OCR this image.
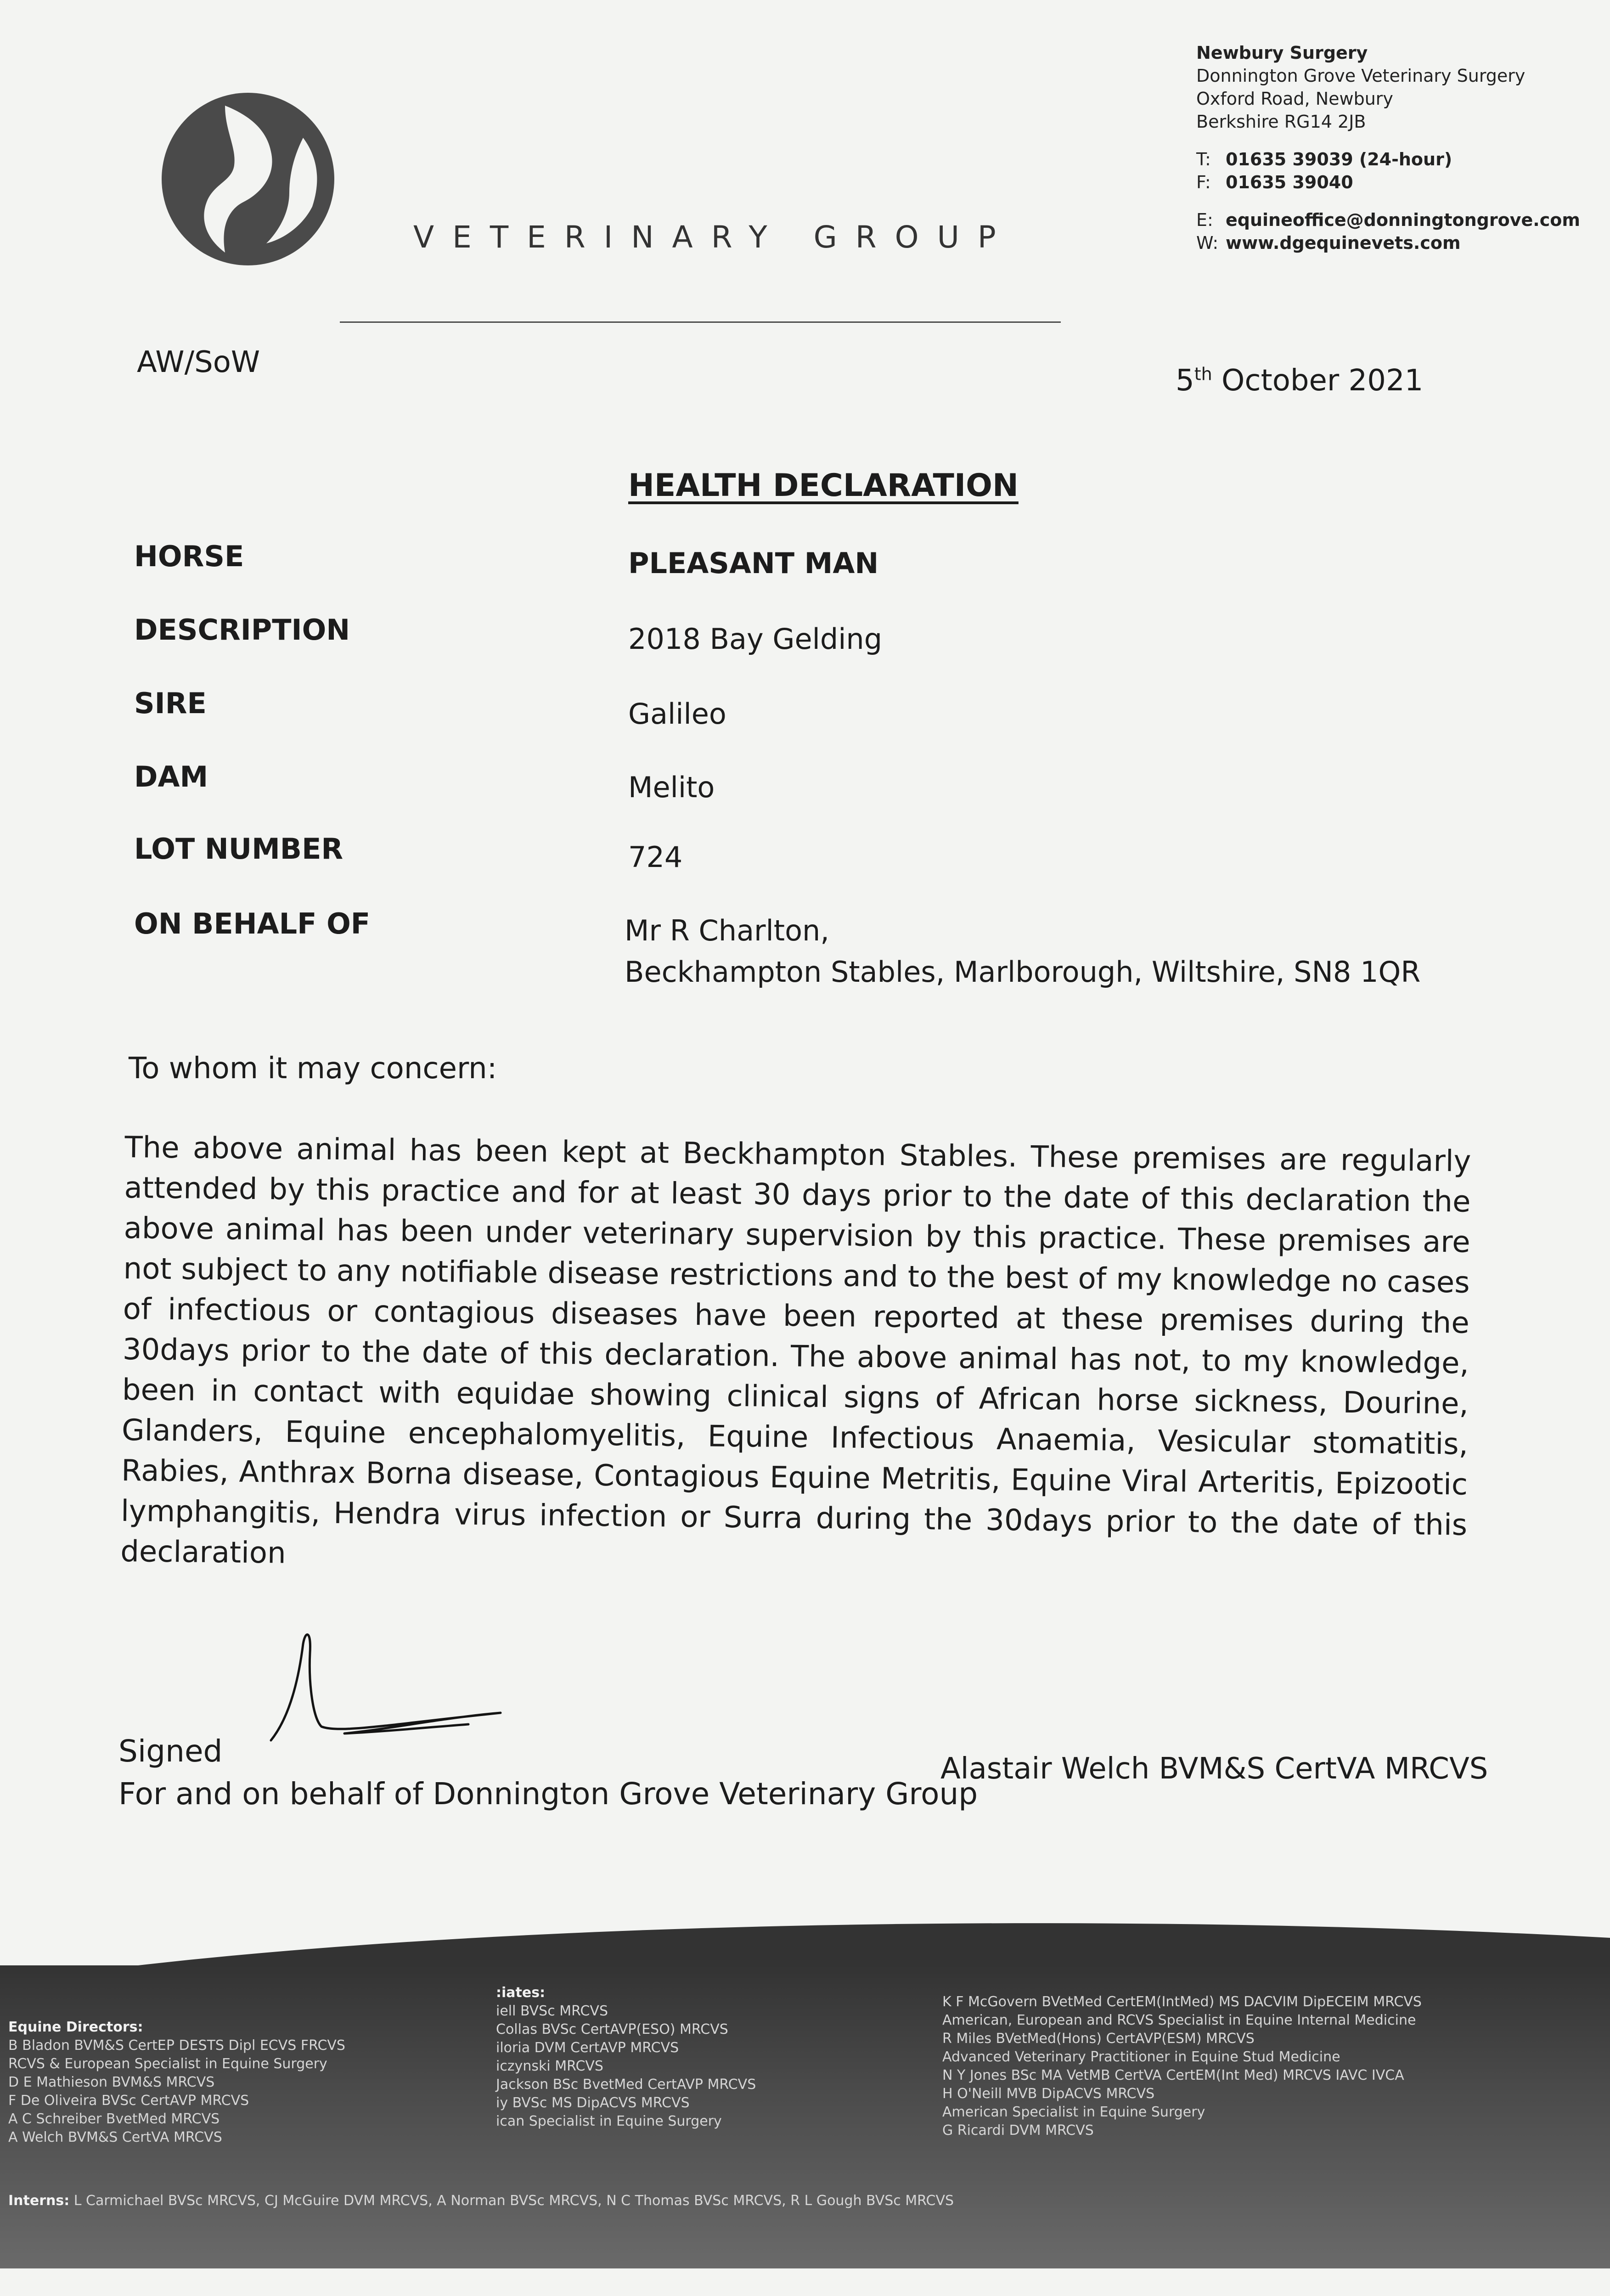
VETERINARY GROUP
Newbury Surgery
Donnington Grove Veterinary Surgery
Oxford Road, Newbury
Berkshire RG14 2JB
T: 01635 39039 (24-hour)
F: 01635 39040
E: equineoffice@donningtongrove.com
W: www.dgequinevets.com
AW/SoW
5th October 2021
HEALTH DECLARATION
HORSE	PLEASANT MAN
DESCRIPTION	2018 Bay Gelding
SIRE	Galileo
DAM	Melito
LOT NUMBER	724
ON BEHALF OF	Mr R Charlton,
Beckhampton Stables, Marlborough, Wiltshire, SN8 1QR
To whom it may concern:
The above animal has been kept at Beckhampton Stables. These premises are regularly attended by this practice and for at least 30 days prior to the date of this declaration the above animal has been under veterinary supervision by this practice. These premises are not subject to any notifiable disease restrictions and to the best of my knowledge no cases of infectious or contagious diseases have been reported at these premises during the 30days prior to the date of this declaration. The above animal has not, to my knowledge, been in contact with equidae showing clinical signs of African horse sickness, Dourine, Glanders, Equine encephalomyelitis, Equine Infectious Anaemia, Vesicular stomatitis, Rabies, Anthrax Borna disease, Contagious Equine Metritis, Equine Viral Arteritis, Epizootic lymphangitis, Hendra virus infection or Surra during the 30days prior to the date of this declaration
Signed	Alastair Welch BVM&S CertVA MRCVS
For and on behalf of Donnington Grove Veterinary Group
Equine Directors:
B Bladon BVM&S CertEP DESTS Dipl ECVS FRCVS
RCVS & European Specialist in Equine Surgery
D E Mathieson BVM&S MRCVS
F De Oliveira BVSc CertAVP MRCVS
A C Schreiber BvetMed MRCVS
A Welch BVM&S CertVA MRCVS
:iates:
iell BVSc MRCVS
Collas BVSc CertAVP(ESO) MRCVS
iloria DVM CertAVP MRCVS
iczynski MRCVS
Jackson BSc BvetMed CertAVP MRCVS
iy BVSc MS DipACVS MRCVS
ican Specialist in Equine Surgery
K F McGovern BVetMed CertEM(IntMed) MS DACVIM DipECEIM MRCVS
American, European and RCVS Specialist in Equine Internal Medicine
R Miles BVetMed(Hons) CertAVP(ESM) MRCVS
Advanced Veterinary Practitioner in Equine Stud Medicine
N Y Jones BSc MA VetMB CertVA CertEM(Int Med) MRCVS IAVC IVCA
H O'Neill MVB DipACVS MRCVS
American Specialist in Equine Surgery
G Ricardi DVM MRCVS
Interns: L Carmichael BVSc MRCVS, CJ McGuire DVM MRCVS, A Norman BVSc MRCVS, N C Thomas BVSc MRCVS, R L Gough BVSc MRCVS
